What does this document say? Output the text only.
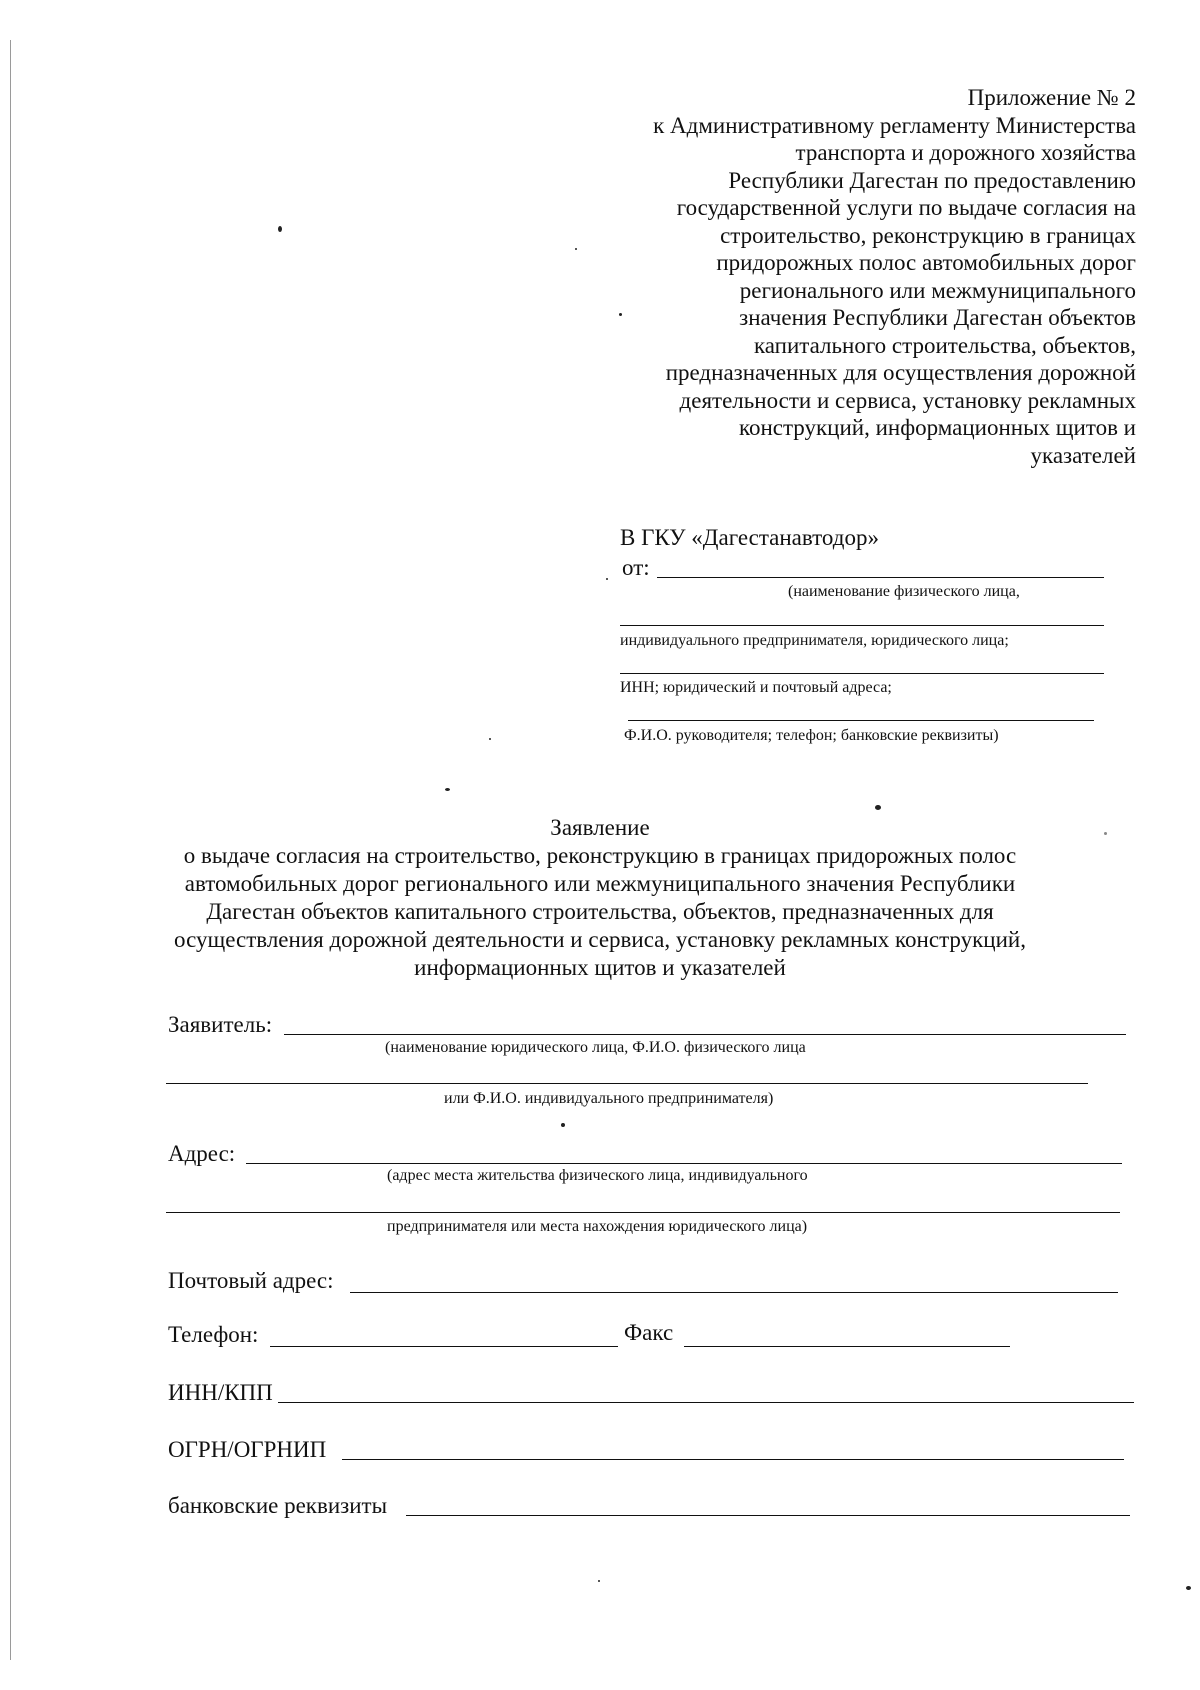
Приложение № 2
к Административному регламенту Министерства
транспорта и дорожного хозяйства
Республики Дагестан по предоставлению
государственной услуги по выдаче согласия на
строительство, реконструкцию в границах
придорожных полос автомобильных дорог
регионального или межмуниципального
значения Республики Дагестан объектов
капитального строительства, объектов,
предназначенных для осуществления дорожной
деятельности и сервиса, установку рекламных
конструкций, информационных щитов и
указателей
В ГКУ «Дагестанавтодор»
от:
(наименование физического лица,
индивидуального предпринимателя, юридического лица;
ИНН; юридический и почтовый адреса;
Ф.И.О. руководителя; телефон; банковские реквизиты)
Заявление
о выдаче согласия на строительство, реконструкцию в границах придорожных полос
автомобильных дорог регионального или межмуниципального значения Республики
Дагестан объектов капитального строительства, объектов, предназначенных для
осуществления дорожной деятельности и сервиса, установку рекламных конструкций,
информационных щитов и указателей
Заявитель:
(наименование юридического лица, Ф.И.О. физического лица
или Ф.И.О. индивидуального предпринимателя)
Адрес:
(адрес места жительства физического лица, индивидуального
предпринимателя или места нахождения юридического лица)
Почтовый адрес:
Телефон:	Факс
ИНН/КПП
ОГРН/ОГРНИП
банковские реквизиты
